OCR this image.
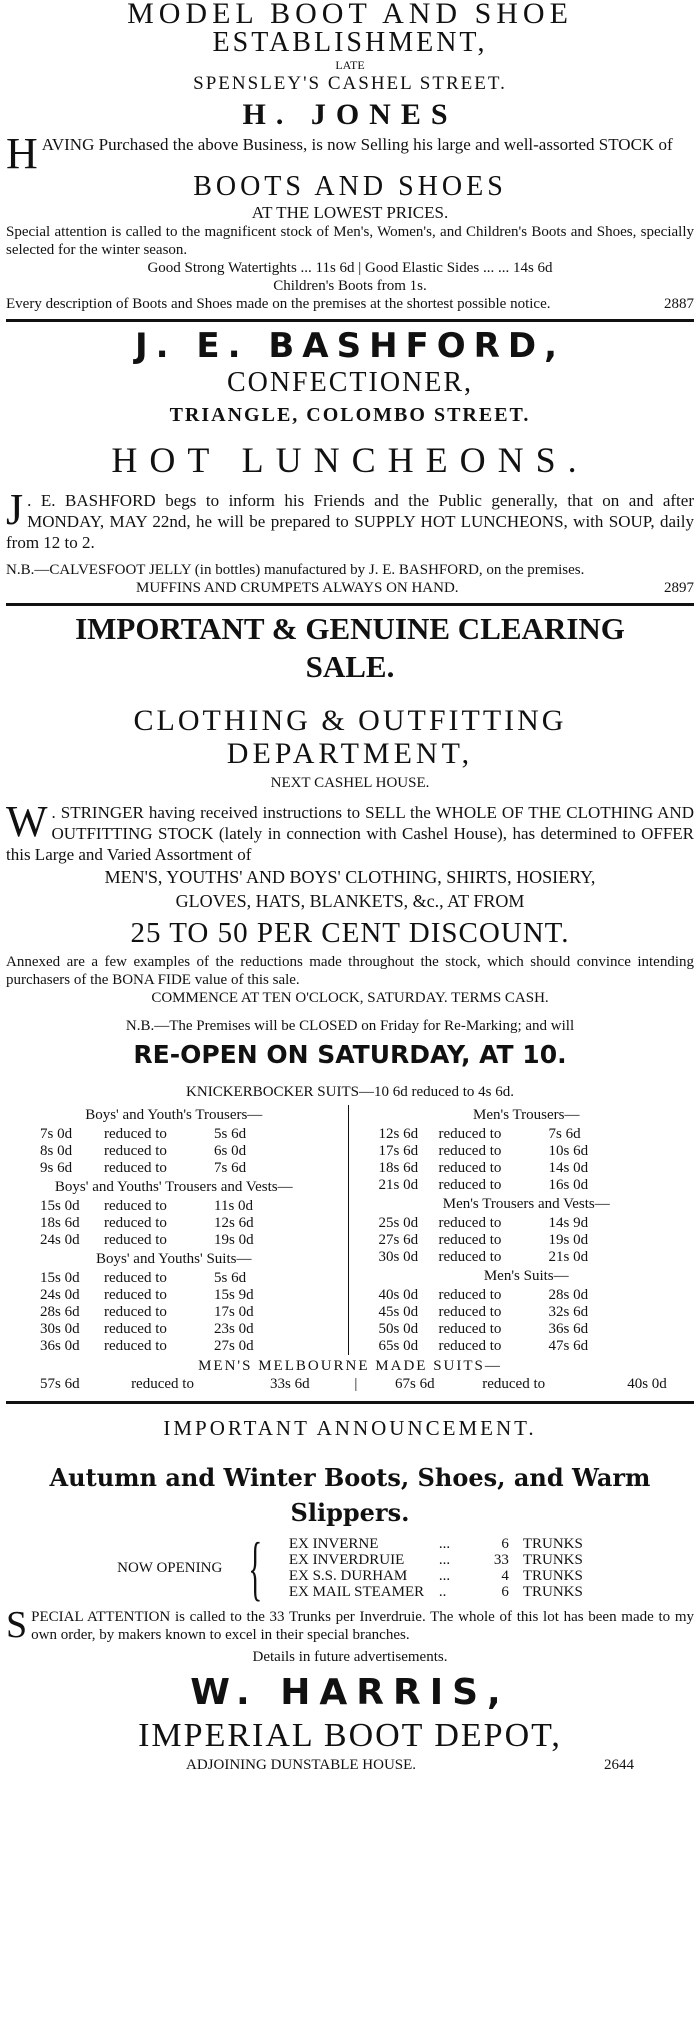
MODEL BOOT AND SHOE
ESTABLISHMENT,

LATE

SPENSLEY'S CASHEL STREET.

H. JONES

H AVING Purchased the above Business, is now Selling his large and well-assorted STOCK of

BOOTS AND SHOES

AT THE LOWEST PRICES.

Special attention is called to the magnificent stock of Men's, Women's, and Children's Boots and Shoes, specially selected for the winter season.

Good Strong Watertights ... 11s 6d | Good Elastic Sides ... ... 14s 6d

Children's Boots from 1s.

Every description of Boots and Shoes made on the premises at the shortest possible notice.	2887

J. E. BASHFORD,

CONFECTIONER,

TRIANGLE, COLOMBO STREET.

HOT LUNCHEONS.

J . E. BASHFORD begs to inform his Friends and the Public generally, that on and after MONDAY, MAY 22nd, he will be prepared to SUPPLY HOT LUNCHEONS, with SOUP, daily from 12 to 2.

N.B.—CALVESFOOT JELLY (in bottles) manufactured by J. E. BASHFORD, on the premises.

MUFFINS AND CRUMPETS ALWAYS ON HAND.	2897

IMPORTANT & GENUINE CLEARING

SALE.

CLOTHING & OUTFITTING

DEPARTMENT,

NEXT CASHEL HOUSE.

W . STRINGER having received instructions to SELL the WHOLE OF THE CLOTHING AND OUTFITTING STOCK (lately in connection with Cashel House), has determined to OFFER this Large and Varied Assortment of

MEN'S, YOUTHS' AND BOYS' CLOTHING, SHIRTS, HOSIERY,

GLOVES, HATS, BLANKETS, &c., AT FROM

25 TO 50 PER CENT DISCOUNT.

Annexed are a few examples of the reductions made throughout the stock, which should convince intending purchasers of the BONA FIDE value of this sale.

COMMENCE AT TEN O'CLOCK, SATURDAY. TERMS CASH.

N.B.—The Premises will be CLOSED on Friday for Re-Marking; and will

RE-OPEN ON SATURDAY, AT 10.

KNICKERBOCKER SUITS—10 6d reduced to 4s 6d.

Boys' and Youth's Trousers—
7s 0d	reduced to	5s 6d
8s 0d	reduced to	6s 0d
9s 6d	reduced to	7s 6d
Boys' and Youths' Trousers and Vests—
15s 0d	reduced to	11s 0d
18s 6d	reduced to	12s 6d
24s 0d	reduced to	19s 0d
Boys' and Youths' Suits—
15s 0d	reduced to	5s 6d
24s 0d	reduced to	15s 9d
28s 6d	reduced to	17s 0d
30s 0d	reduced to	23s 0d
36s 0d	reduced to	27s 0d
Men's Trousers—
12s 6d	reduced to	7s 6d
17s 6d	reduced to	10s 6d
18s 6d	reduced to	14s 0d
21s 0d	reduced to	16s 0d
Men's Trousers and Vests—
25s 0d	reduced to	14s 9d
27s 6d	reduced to	19s 0d
30s 0d	reduced to	21s 0d
Men's Suits—
40s 0d	reduced to	28s 0d
45s 0d	reduced to	32s 6d
50s 0d	reduced to	36s 6d
65s 0d	reduced to	47s 6d

MEN'S MELBOURNE MADE SUITS—

57s 6d	reduced to	33s 6d	|	67s 6d	reduced to	40s 0d

IMPORTANT ANNOUNCEMENT.

Autumn and Winter Boots, Shoes, and Warm

Slippers.

NOW OPENING { EX INVERNE	...	6 TRUNKS
EX INVERDRUIE	...	33 TRUNKS
EX S.S. DURHAM	...	4 TRUNKS
EX MAIL STEAMER ..	6 TRUNKS
S PECIAL ATTENTION is called to the 33 Trunks per Inverdruie. The whole of this lot has been made to my own order, by makers known to excel in their special branches.

Details in future advertisements.

W. HARRIS,

IMPERIAL BOOT DEPOT,

ADJOINING DUNSTABLE HOUSE.	2644
